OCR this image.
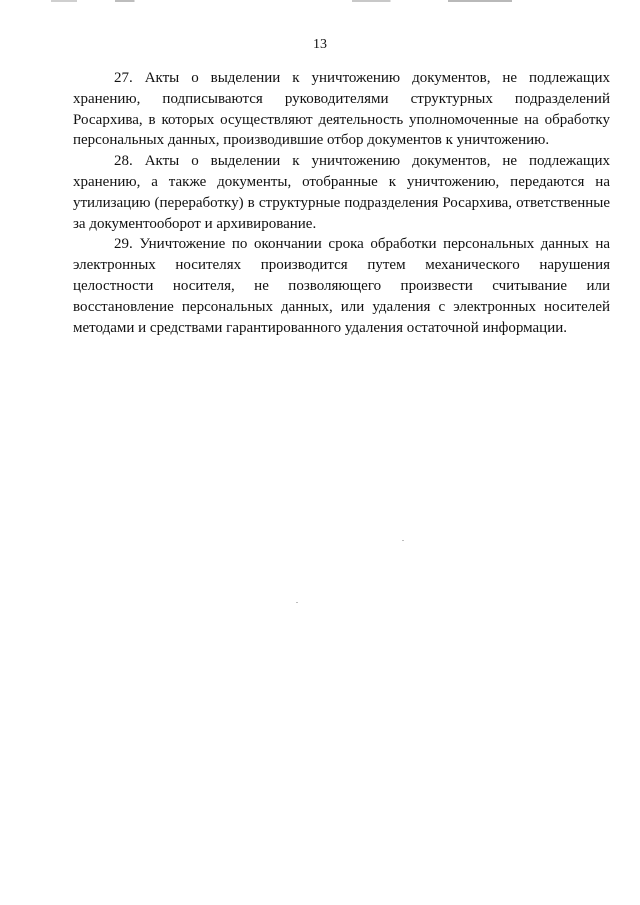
13

27. Акты о выделении к уничтожению документов, не подлежащих хранению, подписываются руководителями структурных подразделений Росархива, в которых осуществляют деятельность уполномоченные на обработку персональных данных, производившие отбор документов к уничтожению.

28. Акты о выделении к уничтожению документов, не подлежащих хранению, а также документы, отобранные к уничтожению, передаются на утилизацию (переработку) в структурные подразделения Росархива, ответственные за документооборот и архивирование.

29. Уничтожение по окончании срока обработки персональных данных на электронных носителях производится путем механического нарушения целостности носителя, не позволяющего произвести считывание или восстановление персональных данных, или удаления с электронных носителей методами и средствами гарантированного удаления остаточной информации.
